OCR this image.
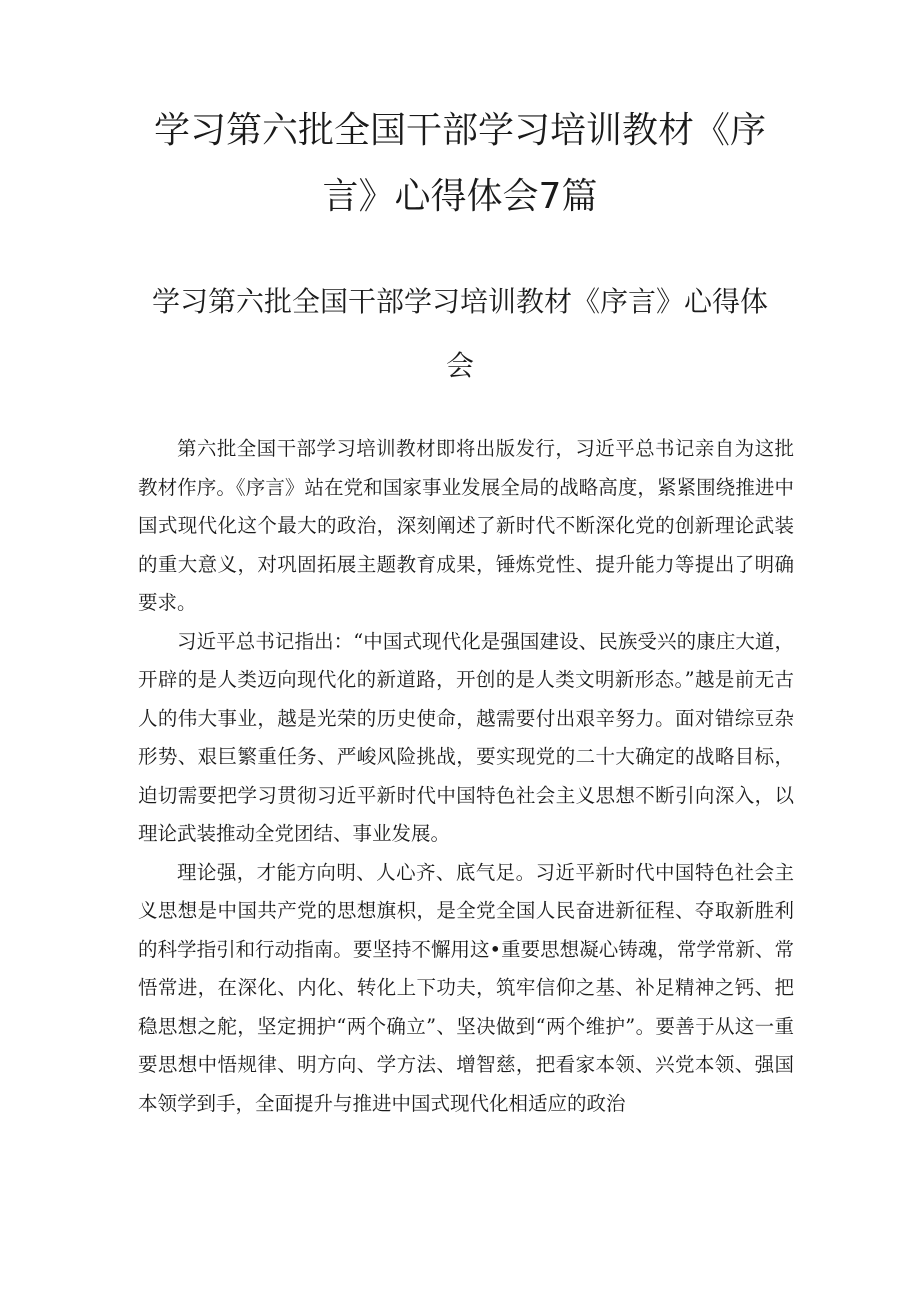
学习第六批全国干部学习培训教材《序言》心得体会7篇
学习第六批全国干部学习培训教材《序言》心得体会

第六批全国干部学习培训教材即将出版发行，习近平总书记亲自为这批教材作序。《序言》站在党和国家事业发展全局的战略高度，紧紧围绕推进中国式现代化这个最大的政治，深刻阐述了新时代不断深化党的创新理论武装的重大意义，对巩固拓展主题教育成果，锤炼党性、提升能力等提出了明确要求。

习近平总书记指出：“中国式现代化是强国建设、民族受兴的康庄大道，开辟的是人类迈向现代化的新道路，开创的是人类文明新形态。”越是前无古人的伟大事业，越是光荣的历史使命，越需要付出艰辛努力。面对错综豆杂形势、艰巨繁重任务、严峻风险挑战，要实现党的二十大确定的战略目标，迫切需要把学习贯彻习近平新时代中国特色社会主义思想不断引向深入，以理论武装推动全党团结、事业发展。

理论强，才能方向明、人心齐、底气足。习近平新时代中国特色社会主义思想是中国共产党的思想旗枳，是全党全国人民奋进新征程、夺取新胜利的科学指引和行动指南。要坚持不懈用这•重要思想凝心铸魂，常学常新、常悟常进，在深化、内化、转化上下功夫，筑牢信仰之基、补足精神之钙、把稳思想之舵，坚定拥护“两个确立”、坚决做到“两个维护”。要善于从这一重要思想中悟规律、明方向、学方法、增智慈，把看家本领、兴党本领、强国本领学到手，全面提升与推进中国式现代化相适应的政治
